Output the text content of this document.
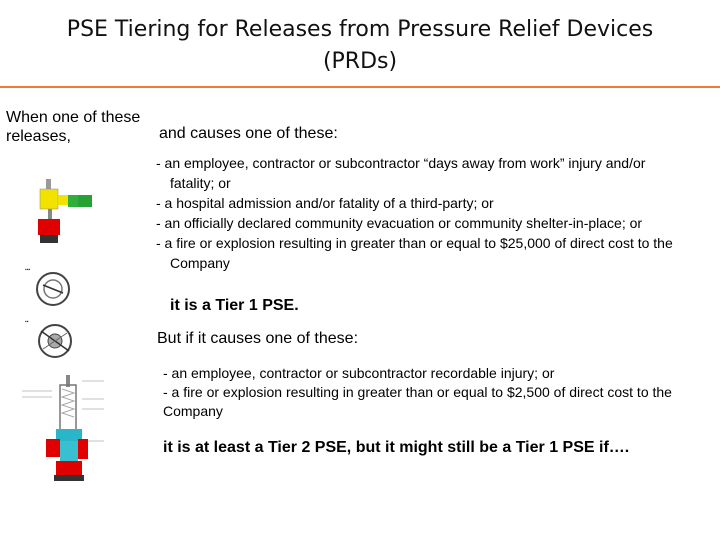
PSE Tiering for Releases from Pressure Relief Devices
(PRDs)
When one of these releases,
▪▪▪
▪▪
and causes one of these:
- an employee, contractor or subcontractor “days away from work” injury and/or fatality; or
- a hospital admission and/or fatality of a third-party; or
- an officially declared community evacuation or community shelter-in-place; or
- a fire or explosion resulting in greater than or equal to $25,000 of direct cost to the Company
it is a Tier 1 PSE.
But if it causes one of these:
- an employee, contractor or subcontractor recordable injury; or
- a fire or explosion resulting in greater than or equal to $2,500 of direct cost to the Company
it is at least a Tier 2 PSE, but it might still be a Tier 1 PSE if….
